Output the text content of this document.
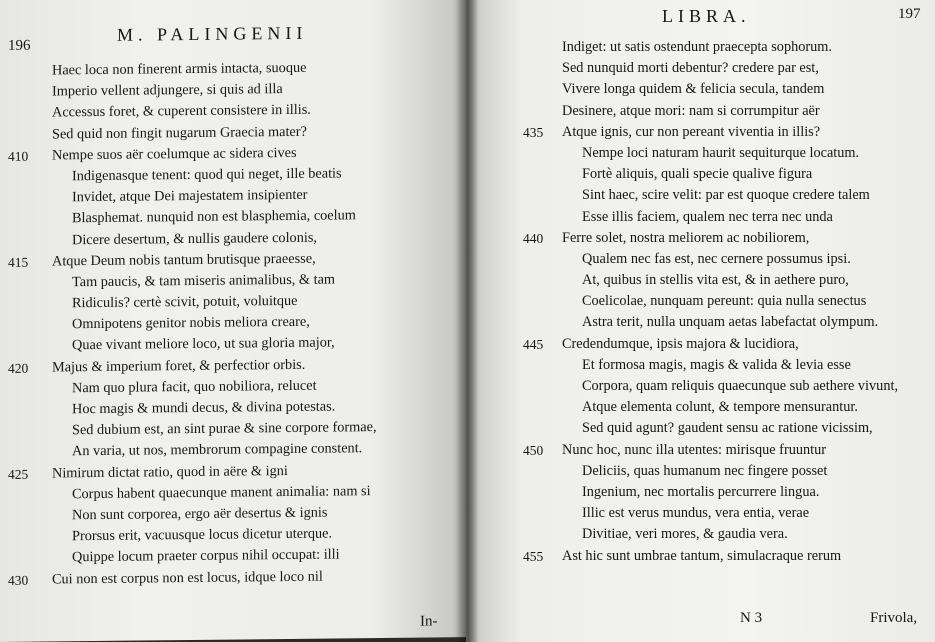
196
M. PALINGENII
Haec loca non finerent armis intacta, suoque
Imperio vellent adjungere, si quis ad illa
Accessus foret, & cuperent consistere in illis.
Sed quid non fingit nugarum Graecia mater?
410 Nempe suos aër coelumque ac sidera cives
Indigenasque tenent: quod qui neget, ille beatis
Invidet, atque Dei majestatem insipienter
Blasphemat. nunquid non est blasphemia, coelum
Dicere desertum, & nullis gaudere colonis,
415 Atque Deum nobis tantum brutisque praeesse,
Tam paucis, & tam miseris animalibus, & tam
Ridiculis? certè scivit, potuit, voluitque
Omnipotens genitor nobis meliora creare,
Quae vivant meliore loco, ut sua gloria major,
420 Majus & imperium foret, & perfectior orbis.
Nam quo plura facit, quo nobiliora, relucet
Hoc magis & mundi decus, & divina potestas.
Sed dubium est, an sint purae & sine corpore formae,
An variа, ut nos, membrorum compagine constent.
425 Nimirum dictat ratio, quod in aëre & igni
Corpus habent quaecunque manent animalia: nam si
Non sunt corporea, ergo aër desertus & ignis
Prorsus erit, vacuusque locus dicetur uterque.
Quippe locum praeter corpus nihil occupat: illi
430 Cui non est corpus non est locus, idque loco nil
In-
LIBRA.	197
Indiget: ut satis ostendunt praecepta sophorum.
Sed nunquid morti debentur? credere par est,
Vivere longa quidem & felicia secula, tandem
Desinere, atque mori: nam si corrumpitur aër
435 Atque ignis, cur non pereant viventia in illis?
Nempe loci naturam haurit sequiturque locatum.
Fortè aliquis, quali specie qualive figura
Sint haec, scire velit: par est quoque credere talem
Esse illis faciem, qualem nec terra nec unda
440 Ferre solet, nostra meliorem ac nobiliorem,
Qualem nec fas est, nec cernere possumus ipsi.
At, quibus in stellis vita est, & in aethere puro,
Coelicolae, nunquam pereunt: quia nulla senectus
Astra terit, nulla unquam aetas labefactat olympum.
445 Credendumque, ipsis majora & lucidiora,
Et formosa magis, magis & valida & levia esse
Corpora, quam reliquis quaecunque sub aethere vivunt,
Atque elementa colunt, & tempore mensurantur.
Sed quid agunt? gaudent sensu ac ratione vicissim,
450 Nunc hoc, nunc illa utentes: mirisque fruuntur
Deliciis, quas humanum nec fingere posset
Ingenium, nec mortalis percurrere lingua.
Illic est verus mundus, vera entia, verae
Divitiae, veri mores, & gaudia vera.
455 Ast hic sunt umbrae tantum, simulacraque rerum
N 3	Frivola,
